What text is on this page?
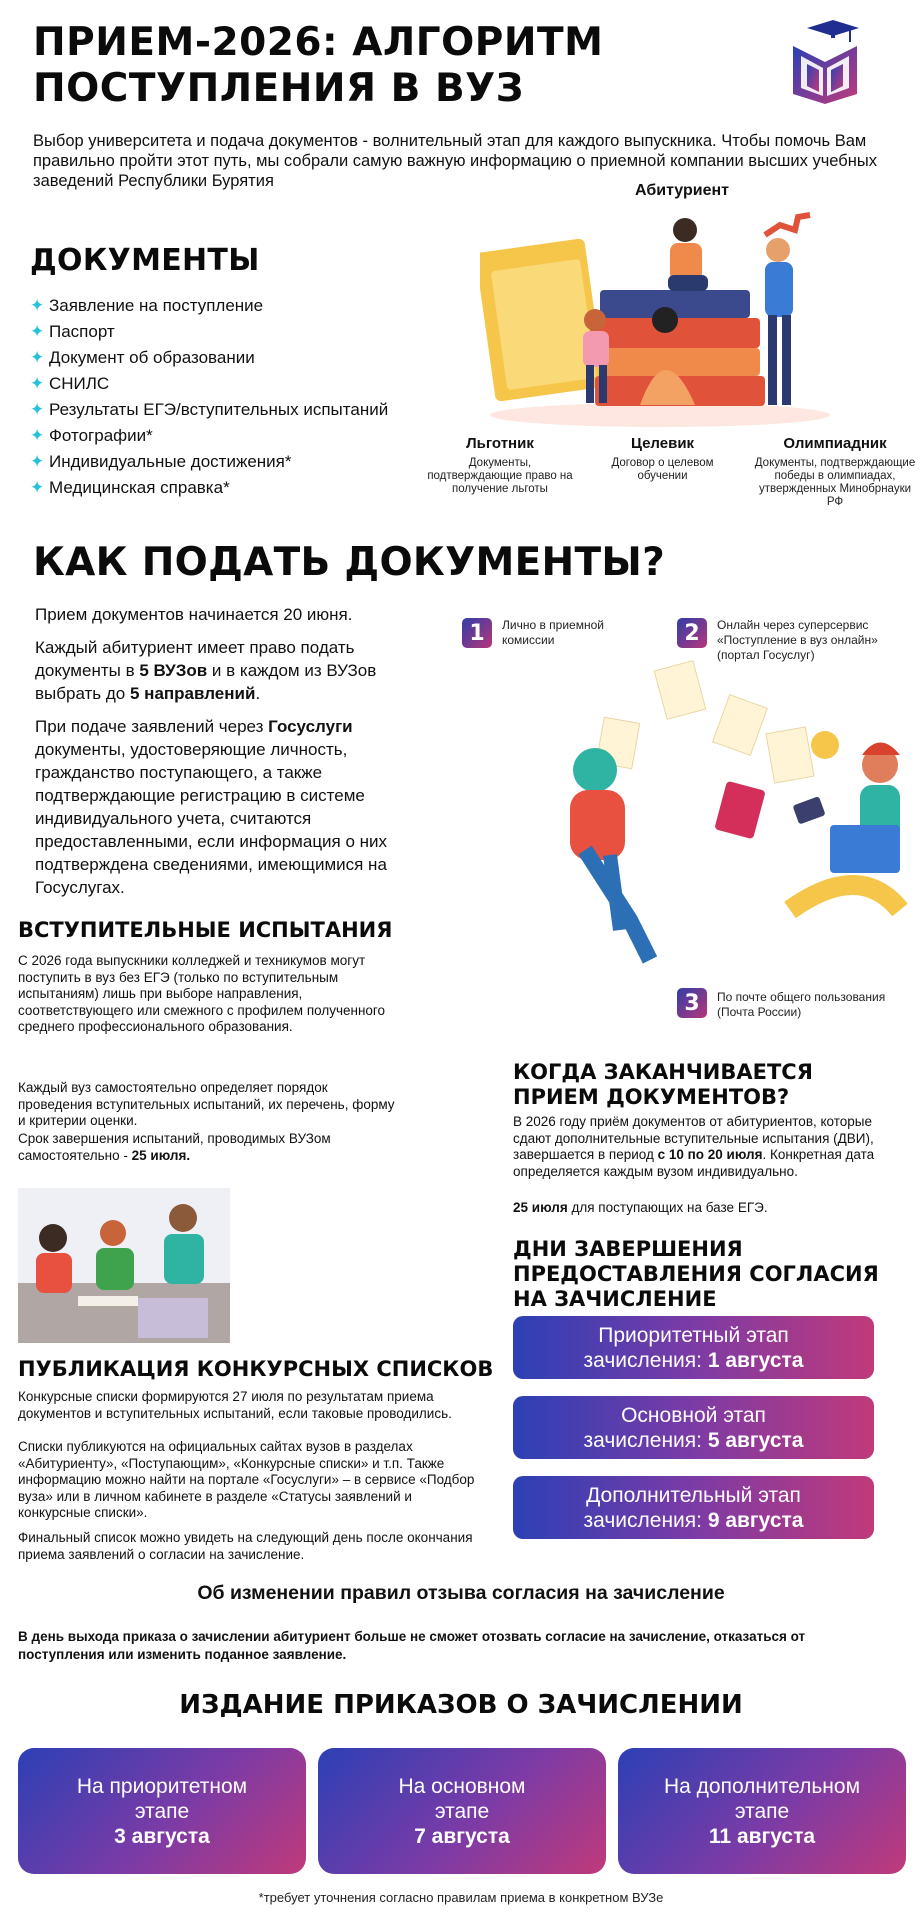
ПРИЕМ-2026: АЛГОРИТМ
ПОСТУПЛЕНИЯ В ВУЗ
Выбор университета и подача документов - волнительный этап для каждого выпускника. Чтобы помочь Вам правильно пройти этот путь, мы собрали самую важную информацию о приемной компании высших учебных заведений Республики Бурятия
ДОКУМЕНТЫ
✦ Заявление на поступление
✦ Паспорт
✦ Документ об образовании
✦ СНИЛС
✦ Результаты ЕГЭ/вступительных испытаний
✦ Фотографии*
✦ Индивидуальные достижения*
✦ Медицинская справка*
Абитуриент
Льготник
Документы, подтверждающие право на получение льготы
Целевик
Договор о целевом обучении
Олимпиадник
Документы, подтверждающие победы в олимпиадах, утвержденных Минобрнауки РФ
КАК ПОДАТЬ ДОКУМЕНТЫ?
Прием документов начинается 20 июня.
Каждый абитуриент имеет право подать документы в 5 ВУЗов и в каждом из ВУЗов выбрать до 5 направлений.
При подаче заявлений через Госуслуги документы, удостоверяющие личность, гражданство поступающего, а также подтверждающие регистрацию в системе индивидуального учета, считаются предоставленными, если информация о них подтверждена сведениями, имеющимися на Госуслугах.
1	Лично в приемной комиссии	2	Онлайн через суперсервис «Поступление в вуз онлайн» (портал Госуслуг)
3	По почте общего пользования (Почта России)
ВСТУПИТЕЛЬНЫЕ ИСПЫТАНИЯ
С 2026 года выпускники колледжей и техникумов могут поступить в вуз без ЕГЭ (только по вступительным испытаниям) лишь при выборе направления, соответствующего или смежного с профилем полученного среднего профессионального образования.
Каждый вуз самостоятельно определяет порядок проведения вступительных испытаний, их перечень, форму и критерии оценки.
Срок завершения испытаний, проводимых ВУЗом самостоятельно - 25 июля.
КОГДА ЗАКАНЧИВАЕТСЯ
ПРИЕМ ДОКУМЕНТОВ?
В 2026 году приём документов от абитуриентов, которые сдают дополнительные вступительные испытания (ДВИ), завершается в период с 10 по 20 июля. Конкретная дата определяется каждым вузом индивидуально.
25 июля для поступающих на базе ЕГЭ.
ПУБЛИКАЦИЯ КОНКУРСНЫХ СПИСКОВ
Конкурсные списки формируются 27 июля по результатам приема документов и вступительных испытаний, если таковые проводились.
Списки публикуются на официальных сайтах вузов в разделах «Абитуриенту», «Поступающим», «Конкурсные списки» и т.п. Также информацию можно найти на портале «Госуслуги» – в сервисе «Подбор вуза» или в личном кабинете в разделе «Статусы заявлений и конкурсные списки».
Финальный список можно увидеть на следующий день после окончания приема заявлений о согласии на зачисление.
ДНИ ЗАВЕРШЕНИЯ
ПРЕДОСТАВЛЕНИЯ СОГЛАСИЯ
НА ЗАЧИСЛЕНИЕ
Приоритетный этап
зачисления: 1 августа
Основной этап
зачисления: 5 августа
Дополнительный этап
зачисления: 9 августа
Об изменении правил отзыва согласия на зачисление
В день выхода приказа о зачислении абитуриент больше не сможет отозвать согласие на зачисление, отказаться от поступления или изменить поданное заявление.
ИЗДАНИЕ ПРИКАЗОВ О ЗАЧИСЛЕНИИ
На приоритетном
этапе
3 августа
На основном
этапе
7 августа
На дополнительном
этапе
11 августа
*требует уточнения согласно правилам приема в конкретном ВУЗе
